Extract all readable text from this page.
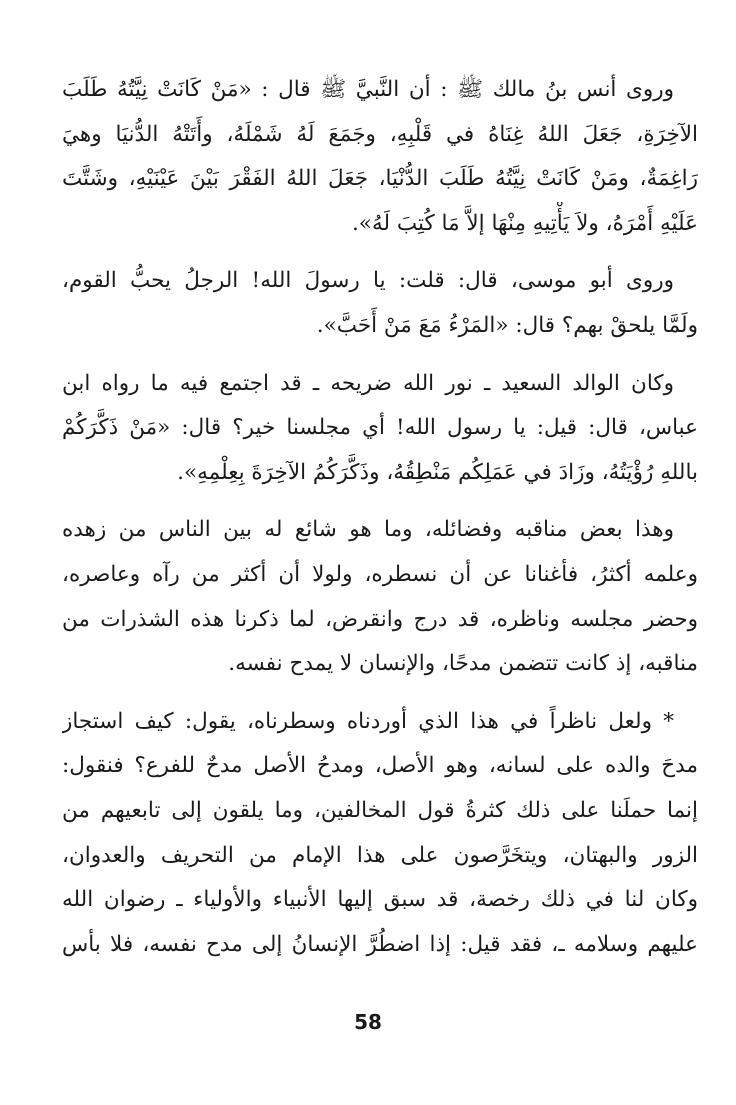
وروى أنس بنُ مالك ﷺ : أن النَّبيَّ ﷺ قال : «مَنْ كَانَتْ نِيَّتُهُ طَلَبَ
الآخِرَةِ، جَعَلَ اللهُ غِنَاهُ في قَلْبِهِ، وجَمَعَ لَهُ شَمْلَهُ، وأَتَتْهُ الدُّنيَا وهيَ
رَاغِمَةٌ، ومَنْ كَانَتْ نِيَّتُهُ طَلَبَ الدُّنْيَا، جَعَلَ اللهُ الفَقْرَ بَيْنَ عَيْنَيْهِ، وشَتَّتَ
عَلَيْهِ أَمْرَهُ، ولاَ يَأْتِيهِ مِنْهَا إلاَّ مَا كُتِبَ لَهُ».

وروى أبو موسى، قال: قلت: يا رسولَ الله! الرجلُ يحبُّ القوم،
ولَمَّا يلحقْ بهم؟ قال: «المَرْءُ مَعَ مَنْ أَحَبَّ».

وكان الوالد السعيد ـ نور الله ضريحه ـ قد اجتمع فيه ما رواه ابن
عباس، قال: قيل: يا رسول الله! أي مجلسنا خير؟ قال: «مَنْ ذَكَّرَكُمْ
باللهِ رُؤْيَتُهُ، وزَادَ في عَمَلِكُم مَنْطِقُهُ، وذَكَّرَكُمُ الآخِرَةَ بِعِلْمِهِ».

وهذا بعض مناقبه وفضائله، وما هو شائع له بين الناس من زهده
وعلمه أكثرُ، فأغنانا عن أن نسطره، ولولا أن أكثر من رآه وعاصره،
وحضر مجلسه وناظره، قد درج وانقرض، لما ذكرنا هذه الشذرات من
مناقبه، إذ كانت تتضمن مدحًا، والإنسان لا يمدح نفسه.

* ولعل ناظراً في هذا الذي أوردناه وسطرناه، يقول: كيف استجاز
مدحَ والده على لسانه، وهو الأصل، ومدحُ الأصل مدحٌ للفرع؟ فنقول:
إنما حملَنا على ذلك كثرةُ قول المخالفين، وما يلقون إلى تابعيهم من
الزور والبهتان، ويتخَرَّصون على هذا الإمام من التحريف والعدوان،
وكان لنا في ذلك رخصة، قد سبق إليها الأنبياء والأولياء ـ رضوان الله
عليهم وسلامه ـ، فقد قيل: إذا اضطُرَّ الإنسانُ إلى مدح نفسه، فلا بأس

58
